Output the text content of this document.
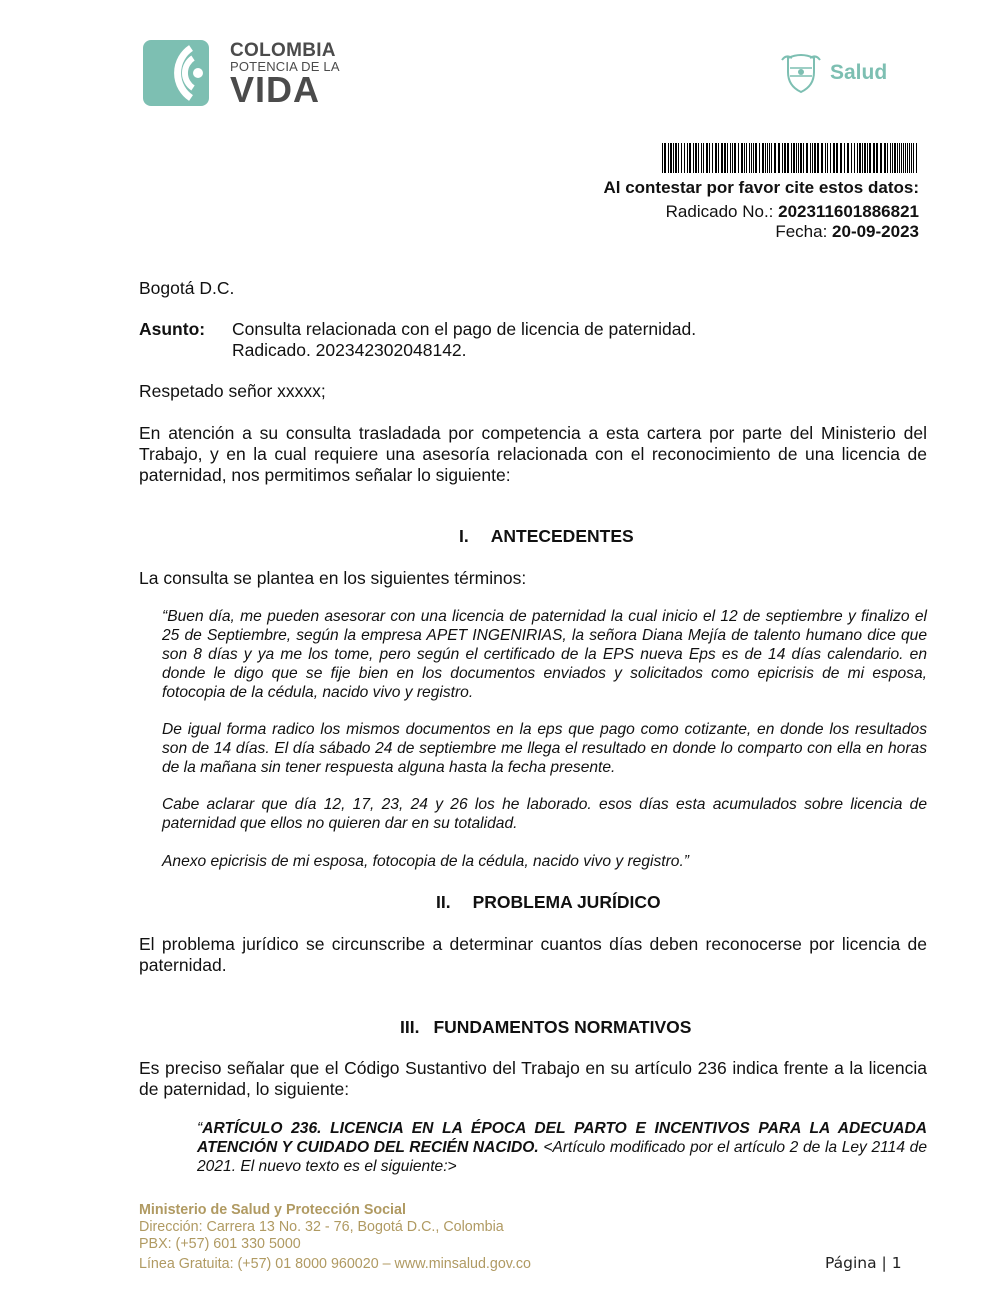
COLOMBIA
POTENCIA DE LA
VIDA	Salud
Al contestar por favor cite estos datos:
Radicado No.: 202311601886821
Fecha: 20-09-2023
Bogotá D.C.
Asunto: Consulta relacionada con el pago de licencia de paternidad.
Radicado. 202342302048142.
Respetado señor xxxxx;
En atención a su consulta trasladada por competencia a esta cartera por parte del Ministerio del Trabajo, y en la cual requiere una asesoría relacionada con el reconocimiento de una licencia de paternidad, nos permitimos señalar lo siguiente:
I. ANTECEDENTES
La consulta se plantea en los siguientes términos:
“Buen día, me pueden asesorar con una licencia de paternidad la cual inicio el 12 de septiembre y finalizo el 25 de Septiembre, según la empresa APET INGENIRIAS, la señora Diana Mejía de talento humano dice que son 8 días y ya me los tome, pero según el certificado de la EPS nueva Eps es de 14 días calendario. en donde le digo que se fije bien en los documentos enviados y solicitados como epicrisis de mi esposa, fotocopia de la cédula, nacido vivo y registro.
De igual forma radico los mismos documentos en la eps que pago como cotizante, en donde los resultados son de 14 días. El día sábado 24 de septiembre me llega el resultado en donde lo comparto con ella en horas de la mañana sin tener respuesta alguna hasta la fecha presente.
Cabe aclarar que día 12, 17, 23, 24 y 26 los he laborado. esos días esta acumulados sobre licencia de paternidad que ellos no quieren dar en su totalidad.
Anexo epicrisis de mi esposa, fotocopia de la cédula, nacido vivo y registro.”
II. PROBLEMA JURÍDICO
El problema jurídico se circunscribe a determinar cuantos días deben reconocerse por licencia de paternidad.
III. FUNDAMENTOS NORMATIVOS
Es preciso señalar que el Código Sustantivo del Trabajo en su artículo 236 indica frente a la licencia de paternidad, lo siguiente:
“ARTÍCULO 236. LICENCIA EN LA ÉPOCA DEL PARTO E INCENTIVOS PARA LA ADECUADA ATENCIÓN Y CUIDADO DEL RECIÉN NACIDO. <Artículo modificado por el artículo 2 de la Ley 2114 de 2021. El nuevo texto es el siguiente:>
Ministerio de Salud y Protección Social
Dirección: Carrera 13 No. 32 - 76, Bogotá D.C., Colombia
PBX: (+57) 601 330 5000
Línea Gratuita: (+57) 01 8000 960020 – www.minsalud.gov.co	Página | 1
